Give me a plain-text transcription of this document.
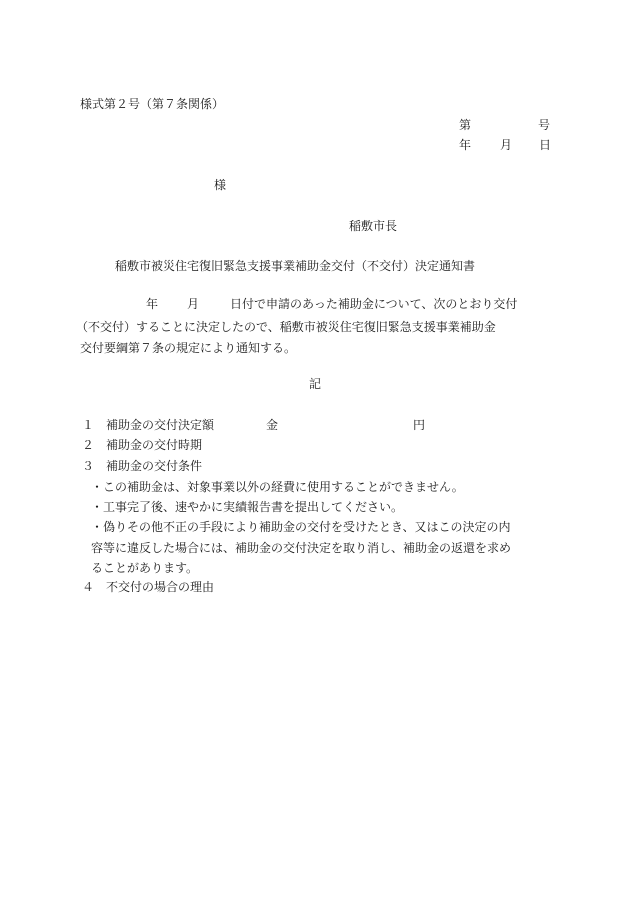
様式第２号（第７条関係）
第	号
年 月 日
様
稲敷市長
稲敷市被災住宅復旧緊急支援事業補助金交付（不交付）決定通知書
年 月	日付で申請のあった補助金について、次のとおり交付
（不交付）することに決定したので、稲敷市被災住宅復旧緊急支援事業補助金
交付要綱第７条の規定により通知する。
記
１ 補助金の交付決定額	金	円
２ 補助金の交付時期
３ 補助金の交付条件
・この補助金は、対象事業以外の経費に使用することができません。
・工事完了後、速やかに実績報告書を提出してください。
・偽りその他不正の手段により補助金の交付を受けたとき、又はこの決定の内
容等に違反した場合には、補助金の交付決定を取り消し、補助金の返還を求め
ることがあります。
４ 不交付の場合の理由
